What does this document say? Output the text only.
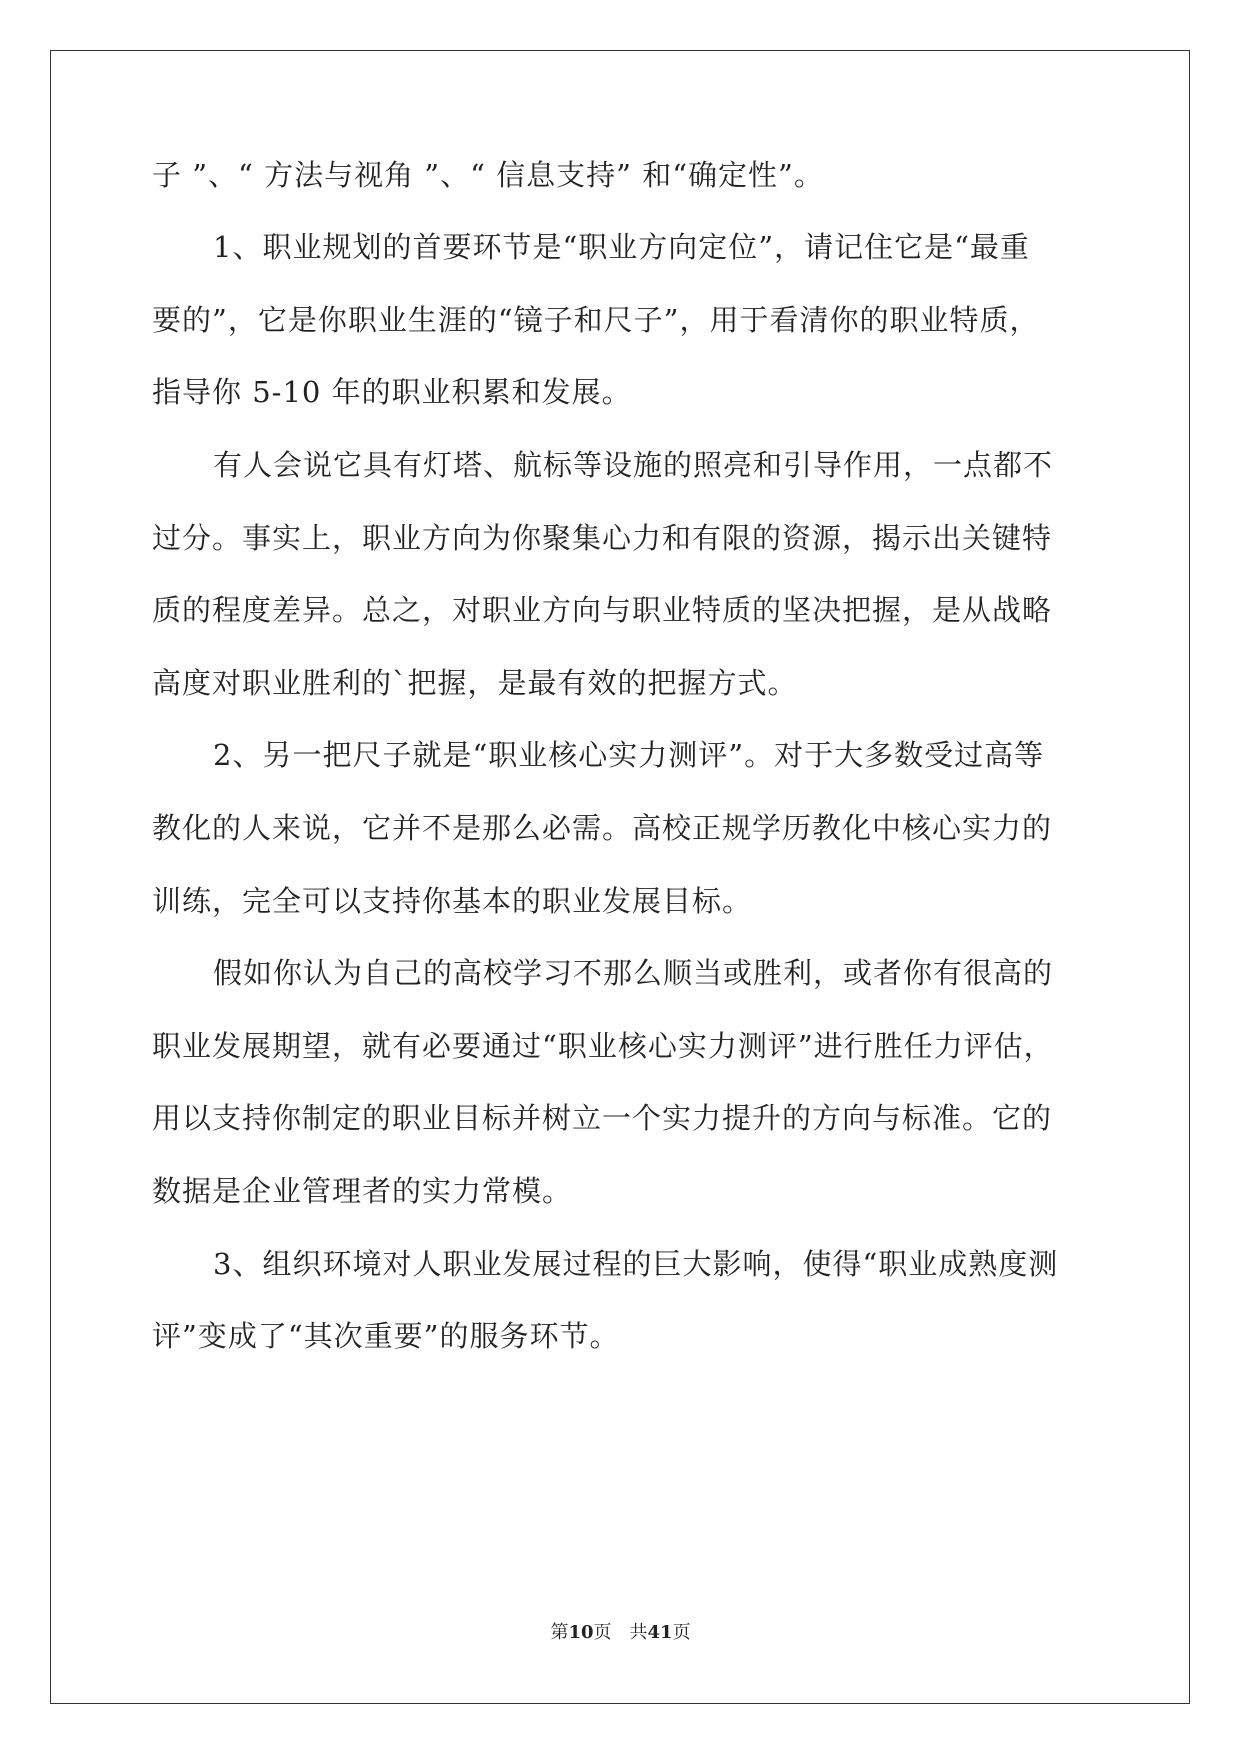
子 ”、“ 方法与视角 ”、“ 信息支持” 和“确定性”。
1、职业规划的首要环节是“职业方向定位”，请记住它是“最重
要的”，它是你职业生涯的“镜子和尺子”，用于看清你的职业特质，
指导你 5-10 年的职业积累和发展。
有人会说它具有灯塔、航标等设施的照亮和引导作用，一点都不
过分。事实上，职业方向为你聚集心力和有限的资源，揭示出关键特
质的程度差异。总之，对职业方向与职业特质的坚决把握，是从战略
高度对职业胜利的`把握，是最有效的把握方式。
2、另一把尺子就是“职业核心实力测评”。对于大多数受过高等
教化的人来说，它并不是那么必需。高校正规学历教化中核心实力的
训练，完全可以支持你基本的职业发展目标。
假如你认为自己的高校学习不那么顺当或胜利，或者你有很高的
职业发展期望，就有必要通过“职业核心实力测评”进行胜任力评估，
用以支持你制定的职业目标并树立一个实力提升的方向与标准。它的
数据是企业管理者的实力常模。
3、组织环境对人职业发展过程的巨大影响，使得“职业成熟度测
评”变成了“其次重要”的服务环节。
第10页　共41页
